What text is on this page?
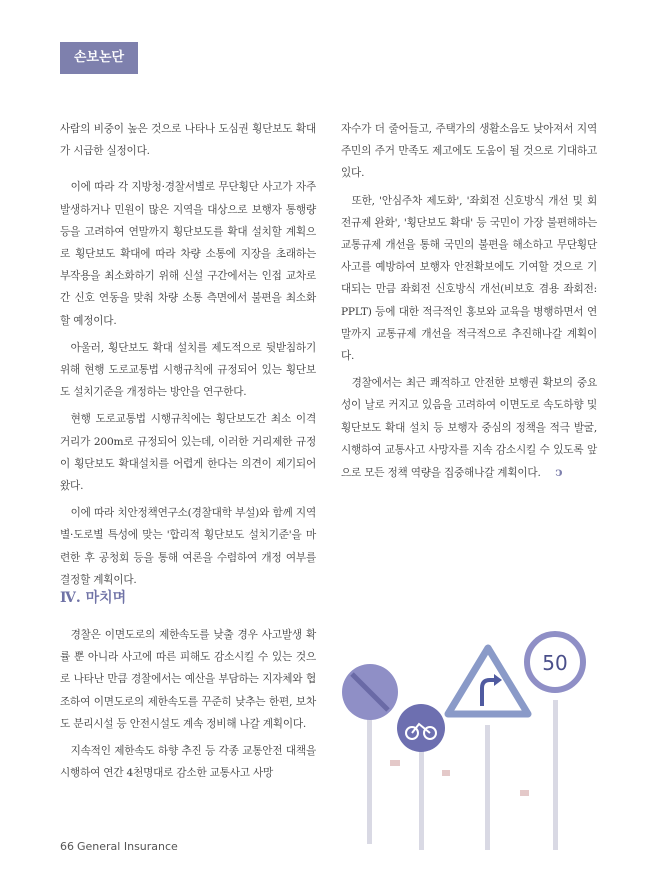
손보논단

사람의 비중이 높은 것으로 나타나 도심권 횡단보도 확대가 시급한 실정이다.

이에 따라 각 지방청·경찰서별로 무단횡단 사고가 자주 발생하거나 민원이 많은 지역을 대상으로 보행자 통행량 등을 고려하여 연말까지 횡단보도를 확대 설치할 계획으로 횡단보도 확대에 따라 차량 소통에 지장을 초래하는 부작용을 최소화하기 위해 신설 구간에서는 인접 교차로간 신호 연동을 맞춰 차량 소통 측면에서 불편을 최소화할 예정이다.

아울러, 횡단보도 확대 설치를 제도적으로 뒷받침하기 위해 현행 도로교통법 시행규칙에 규정되어 있는 횡단보도 설치기준을 개정하는 방안을 연구한다.

현행 도로교통법 시행규칙에는 횡단보도간 최소 이격거리가 200m로 규정되어 있는데, 이러한 거리제한 규정이 횡단보도 확대설치를 어렵게 한다는 의견이 제기되어 왔다.

이에 따라 치안정책연구소(경찰대학 부설)와 함께 지역별·도로별 특성에 맞는 '합리적 횡단보도 설치기준'을 마련한 후 공청회 등을 통해 여론을 수렴하여 개정 여부를 결정할 계획이다.

Ⅳ. 마치며

경찰은 이면도로의 제한속도를 낮출 경우 사고발생 확률 뿐 아니라 사고에 따른 피해도 감소시킬 수 있는 것으로 나타난 만큼 경찰에서는 예산을 부담하는 지자체와 협조하여 이면도로의 제한속도를 꾸준히 낮추는 한편, 보차도 분리시설 등 안전시설도 계속 정비해 나갈 계획이다.

지속적인 제한속도 하향 추진 등 각종 교통안전 대책을 시행하여 연간 4천명대로 감소한 교통사고 사망

자수가 더 줄어들고, 주택가의 생활소음도 낮아져서 지역 주민의 주거 만족도 제고에도 도움이 될 것으로 기대하고 있다.

또한, '안심주차 제도화', '좌회전 신호방식 개선 및 회전규제 완화', '횡단보도 확대' 등 국민이 가장 불편해하는 교통규제 개선을 통해 국민의 불편을 해소하고 무단횡단 사고를 예방하여 보행자 안전확보에도 기여할 것으로 기대되는 만큼 좌회전 신호방식 개선(비보호 겸용 좌회전: PPLT) 등에 대한 적극적인 홍보와 교육을 병행하면서 연말까지 교통규제 개선을 적극적으로 추진해나갈 계획이다.

경찰에서는 최근 쾌적하고 안전한 보행권 확보의 중요성이 날로 커지고 있음을 고려하여 이면도로 속도하향 및 횡단보도 확대 설치 등 보행자 중심의 정책을 적극 발굴, 시행하여 교통사고 사망자를 지속 감소시킬 수 있도록 앞으로 모든 정책 역량을 집중해나갈 계획이다. ↄ

50
66 General Insurance
